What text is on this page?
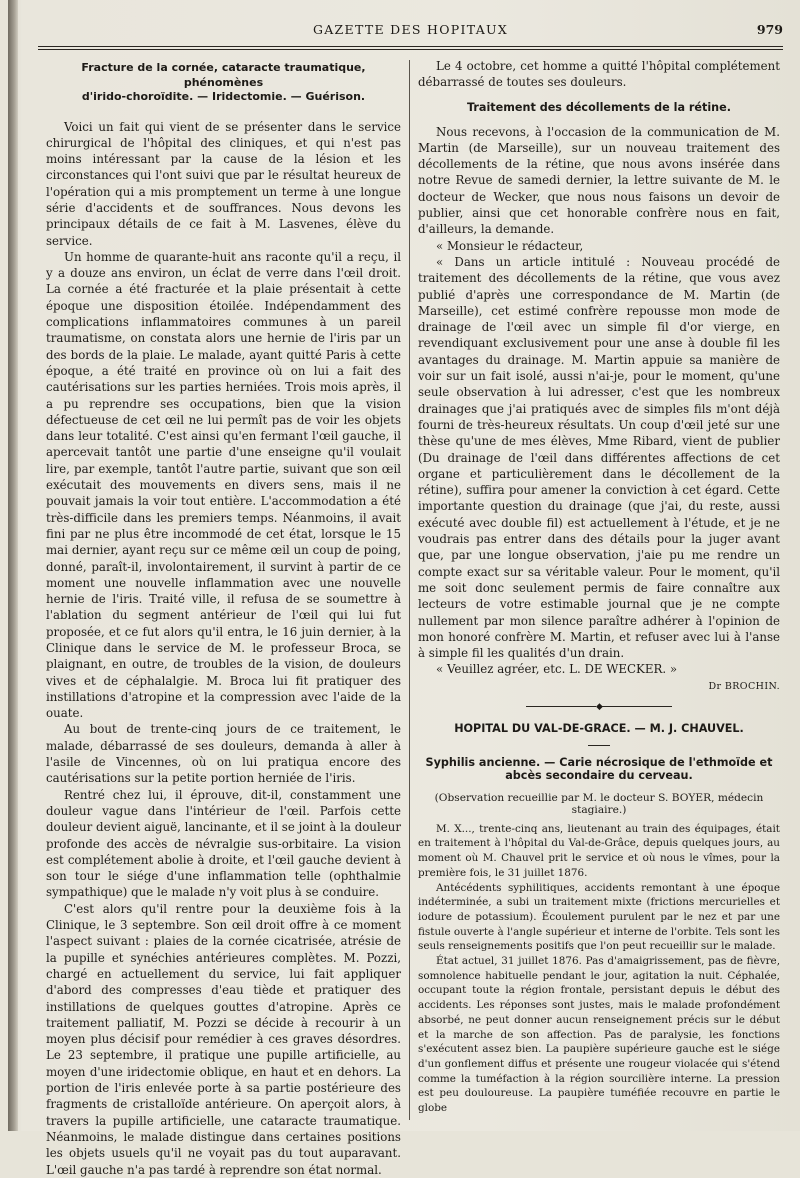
GAZETTE DES HOPITAUX	979
Fracture de la cornée, cataracte traumatique, phénomènes
d'irido-choroïdite. — Iridectomie. — Guérison.

Voici un fait qui vient de se présenter dans le service chirurgical de l'hôpital des cliniques, et qui n'est pas moins intéressant par la cause de la lésion et les circonstances qui l'ont suivi que par le résultat heureux de l'opération qui a mis promptement un terme à une longue série d'accidents et de souffrances. Nous devons les principaux détails de ce fait à M. Lasvenes, élève du service.

Un homme de quarante-huit ans raconte qu'il a reçu, il y a douze ans environ, un éclat de verre dans l'œil droit. La cornée a été fracturée et la plaie présentait à cette époque une disposition étoilée. Indépendamment des complications inflammatoires communes à un pareil traumatisme, on constata alors une hernie de l'iris par un des bords de la plaie. Le malade, ayant quitté Paris à cette époque, a été traité en province où on lui a fait des cautérisations sur les parties herniées. Trois mois après, il a pu reprendre ses occupations, bien que la vision défectueuse de cet œil ne lui permît pas de voir les objets dans leur totalité. C'est ainsi qu'en fermant l'œil gauche, il apercevait tantôt une partie d'une enseigne qu'il voulait lire, par exemple, tantôt l'autre partie, suivant que son œil exécutait des mouvements en divers sens, mais il ne pouvait jamais la voir tout entière. L'accommodation a été très-difficile dans les premiers temps. Néanmoins, il avait fini par ne plus être incommodé de cet état, lorsque le 15 mai dernier, ayant reçu sur ce même œil un coup de poing, donné, paraît-il, involontairement, il survint à partir de ce moment une nouvelle inflammation avec une nouvelle hernie de l'iris. Traité ville, il refusa de se soumettre à l'ablation du segment antérieur de l'œil qui lui fut proposée, et ce fut alors qu'il entra, le 16 juin dernier, à la Clinique dans le service de M. le professeur Broca, se plaignant, en outre, de troubles de la vision, de douleurs vives et de céphalalgie. M. Broca lui fit pratiquer des instillations d'atropine et la compression avec l'aide de la ouate.

Au bout de trente-cinq jours de ce traitement, le malade, débarrassé de ses douleurs, demanda à aller à l'asile de Vincennes, où on lui pratiqua encore des cautérisations sur la petite portion herniée de l'iris.

Rentré chez lui, il éprouve, dit-il, constamment une douleur vague dans l'intérieur de l'œil. Parfois cette douleur devient aiguë, lancinante, et il se joint à la douleur profonde des accès de névralgie sus-orbitaire. La vision est complétement abolie à droite, et l'œil gauche devient à son tour le siége d'une inflammation telle (ophthalmie sympathique) que le malade n'y voit plus à se conduire.

C'est alors qu'il rentre pour la deuxième fois à la Clinique, le 3 septembre. Son œil droit offre à ce moment l'aspect suivant : plaies de la cornée cicatrisée, atrésie de la pupille et synéchies antérieures complètes. M. Pozzi, chargé en actuellement du service, lui fait appliquer d'abord des compresses d'eau tiède et pratiquer des instillations de quelques gouttes d'atropine. Après ce traitement palliatif, M. Pozzi se décide à recourir à un moyen plus décisif pour remédier à ces graves désordres. Le 23 septembre, il pratique une pupille artificielle, au moyen d'une iridectomie oblique, en haut et en dehors. La portion de l'iris enlevée porte à sa partie postérieure des fragments de cristalloïde antérieure. On aperçoit alors, à travers la pupille artificielle, une cataracte traumatique. Néanmoins, le malade distingue dans certaines positions les objets usuels qu'il ne voyait pas du tout auparavant. L'œil gauche n'a pas tardé à reprendre son état normal.

Le 4 octobre, cet homme a quitté l'hôpital complétement débarrassé de toutes ses douleurs.

Traitement des décollements de la rétine.

Nous recevons, à l'occasion de la communication de M. Martin (de Marseille), sur un nouveau traitement des décollements de la rétine, que nous avons insérée dans notre Revue de samedi dernier, la lettre suivante de M. le docteur de Wecker, que nous nous faisons un devoir de publier, ainsi que cet honorable confrère nous en fait, d'ailleurs, la demande.

« Monsieur le rédacteur,

« Dans un article intitulé : Nouveau procédé de traitement des décollements de la rétine, que vous avez publié d'après une correspondance de M. Martin (de Marseille), cet estimé confrère repousse mon mode de drainage de l'œil avec un simple fil d'or vierge, en revendiquant exclusivement pour une anse à double fil les avantages du drainage. M. Martin appuie sa manière de voir sur un fait isolé, aussi n'ai-je, pour le moment, qu'une seule observation à lui adresser, c'est que les nombreux drainages que j'ai pratiqués avec de simples fils m'ont déjà fourni de très-heureux résultats. Un coup d'œil jeté sur une thèse qu'une de mes élèves, Mme Ribard, vient de publier (Du drainage de l'œil dans différentes affections de cet organe et particulièrement dans le décollement de la rétine), suffira pour amener la conviction à cet égard. Cette importante question du drainage (que j'ai, du reste, aussi exécuté avec double fil) est actuellement à l'étude, et je ne voudrais pas entrer dans des détails pour la juger avant que, par une longue observation, j'aie pu me rendre un compte exact sur sa véritable valeur. Pour le moment, qu'il me soit donc seulement permis de faire connaître aux lecteurs de votre estimable journal que je ne compte nullement par mon silence paraître adhérer à l'opinion de mon honoré confrère M. Martin, et refuser avec lui à l'anse à simple fil les qualités d'un drain.

« Veuillez agréer, etc. L. DE WECKER. »

Dr BROCHIN.
◆
HOPITAL DU VAL-DE-GRACE. — M. J. CHAUVEL.
Syphilis ancienne. — Carie nécrosique de l'ethmoïde et abcès secondaire du cerveau.
(Observation recueillie par M. le docteur S. BOYER, médecin stagiaire.)

M. X..., trente-cinq ans, lieutenant au train des équipages, était en traitement à l'hôpital du Val-de-Grâce, depuis quelques jours, au moment où M. Chauvel prit le service et où nous le vîmes, pour la première fois, le 31 juillet 1876.

Antécédents syphilitiques, accidents remontant à une époque indéterminée, a subi un traitement mixte (frictions mercurielles et iodure de potassium). Écoulement purulent par le nez et par une fistule ouverte à l'angle supérieur et interne de l'orbite. Tels sont les seuls renseignements positifs que l'on peut recueillir sur le malade.

État actuel, 31 juillet 1876. Pas d'amaigrissement, pas de fièvre, somnolence habituelle pendant le jour, agitation la nuit. Céphalée, occupant toute la région frontale, persistant depuis le début des accidents. Les réponses sont justes, mais le malade profondément absorbé, ne peut donner aucun renseignement précis sur le début et la marche de son affection. Pas de paralysie, les fonctions s'exécutent assez bien. La paupière supérieure gauche est le siége d'un gonflement diffus et présente une rougeur violacée qui s'étend comme la tuméfaction à la région sourcilière interne. La pression est peu douloureuse. La paupière tuméfiée recouvre en partie le globe
